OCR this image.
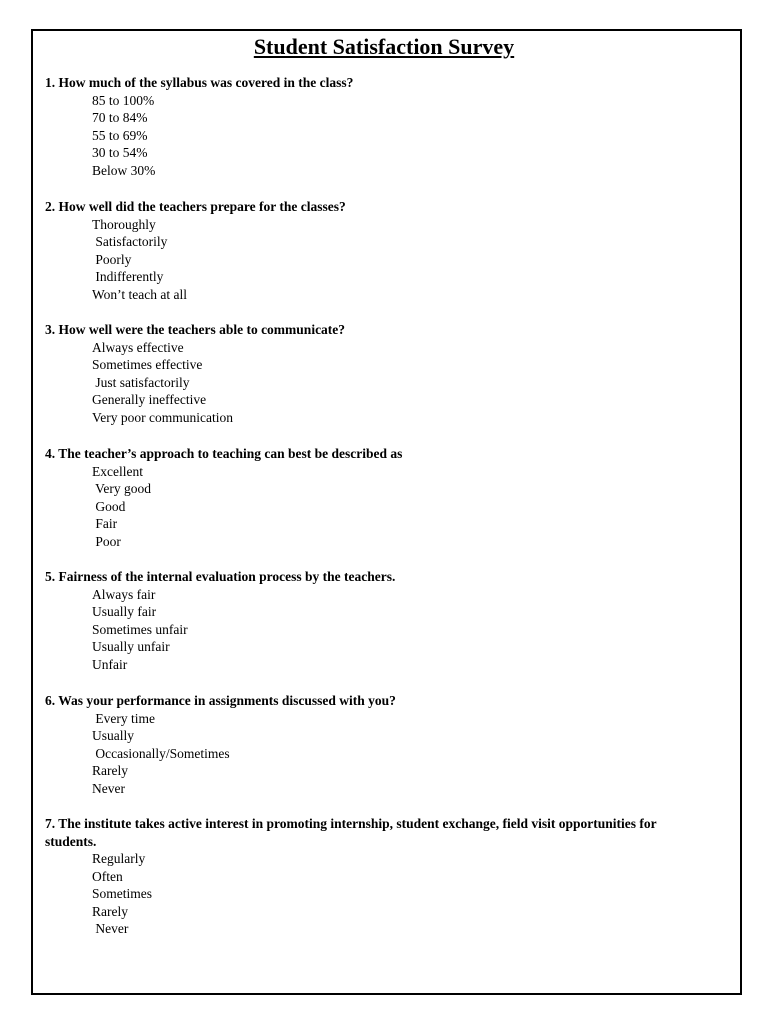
Student Satisfaction Survey

1. How much of the syllabus was covered in the class?

85 to 100%
70 to 84%
55 to 69%
30 to 54%
Below 30%

2. How well did the teachers prepare for the classes?

Thoroughly
Satisfactorily
Poorly
Indifferently
Won’t teach at all

3. How well were the teachers able to communicate?

Always effective
Sometimes effective
Just satisfactorily
Generally ineffective
Very poor communication

4. The teacher’s approach to teaching can best be described as

Excellent
Very good
Good
Fair
Poor

5. Fairness of the internal evaluation process by the teachers.

Always fair
Usually fair
Sometimes unfair
Usually unfair
Unfair

6. Was your performance in assignments discussed with you?

Every time
Usually
Occasionally/Sometimes
Rarely
Never

7. The institute takes active interest in promoting internship, student exchange, field visit opportunities for students.

Regularly
Often
Sometimes
Rarely
Never
